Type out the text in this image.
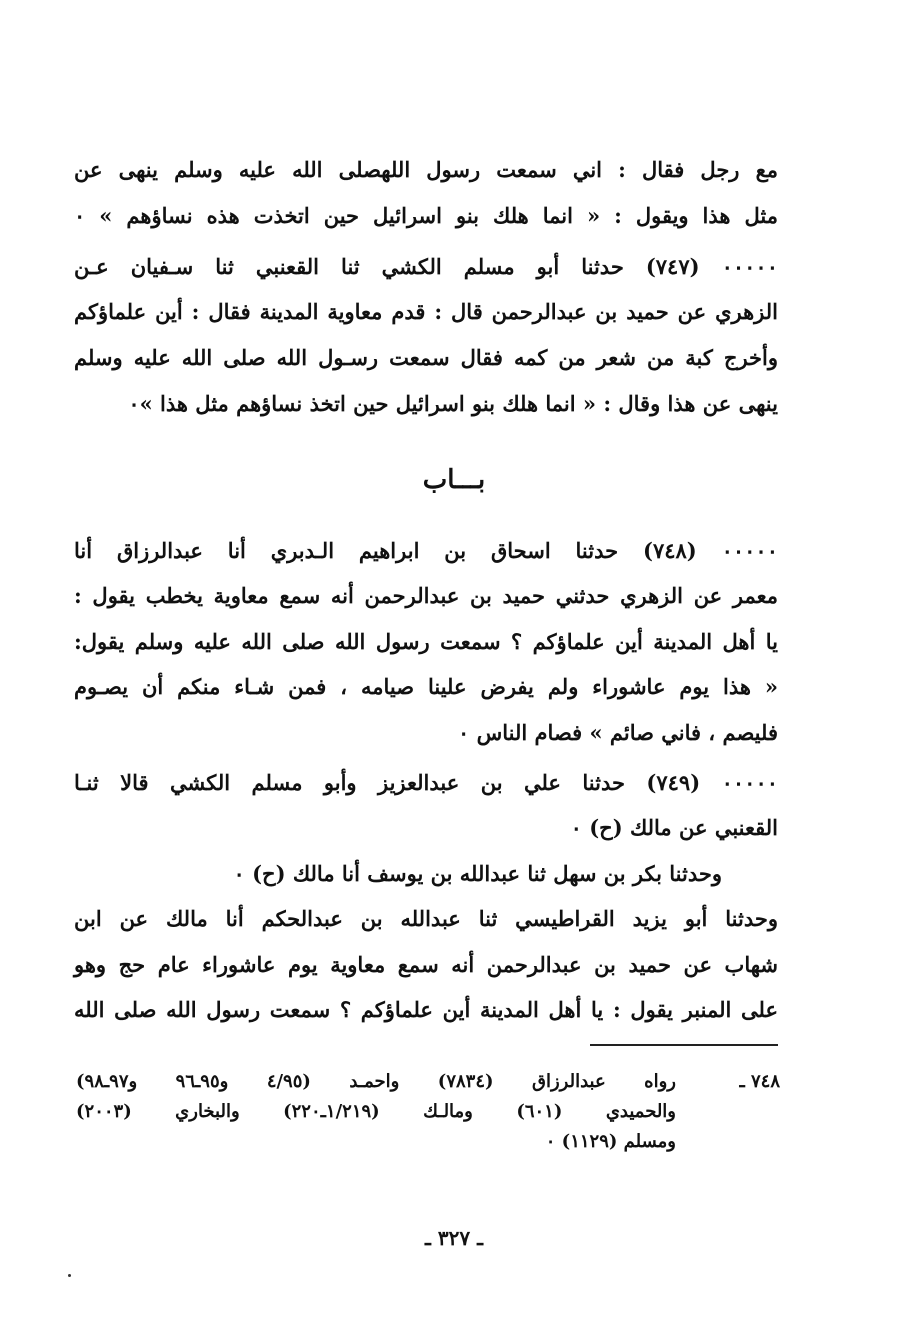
مع رجل فقال : اني سمعت رسول اللهصلى الله عليه وسلم ينهى عن
مثل هذا ويقول : « انما هلك بنو اسرائيل حين اتخذت هذه نساؤهم » ٠
٠٠٠٠٠ (٧٤٧) حدثنا أبو مسلم الكشي ثنا القعنبي ثنا سـفيان عـن
الزهري عن حميد بن عبدالرحمن قال : قدم معاوية المدينة فقال : أين علماؤكم
وأخرج كبة من شعر من كمه فقال سمعت رسـول الله صلى الله عليه وسلم
ينهى عن هذا وقال : « انما هلك بنو اسرائيل حين اتخذ نساؤهم مثل هذا »٠
بـــاب
٠٠٠٠٠ (٧٤٨) حدثنا اسحاق بن ابراهيم الـدبري أنا عبدالرزاق أنا
معمر عن الزهري حدثني حميد بن عبدالرحمن أنه سمع معاوية يخطب يقول :
يا أهل المدينة أين علماؤكم ؟ سمعت رسول الله صلى الله عليه وسلم يقول:
« هذا يوم عاشوراء ولم يفرض علينا صيامه ، فمن شـاء منكم أن يصـوم
فليصم ، فاني صائم » فصام الناس ٠
٠٠٠٠٠ (٧٤٩) حدثنا علي بن عبدالعزيز وأبو مسلم الكشي قالا ثنـا
القعنبي عن مالك (ح) ٠
وحدثنا بكر بن سهل ثنا عبدالله بن يوسف أنا مالك (ح) ٠
وحدثنا أبو يزيد القراطيسي ثنا عبدالله بن عبدالحكم أنا مالك عن ابن
شهاب عن حميد بن عبدالرحمن أنه سمع معاوية يوم عاشوراء عام حج وهو
على المنبر يقول : يا أهل المدينة أين علماؤكم ؟ سمعت رسول الله صلى الله
٧٤٨ ـ
رواه عبدالرزاق (٧٨٣٤) واحمـد (٤/٩٥ و٩٥ـ٩٦ و٩٧ـ٩٨)
والحميدي (٦٠١) ومالـك (١/٢١٩ـ٢٢٠) والبخاري (٢٠٠٣)
ومسلم (١١٢٩) ٠
ـ ٣٢٧ ـ
